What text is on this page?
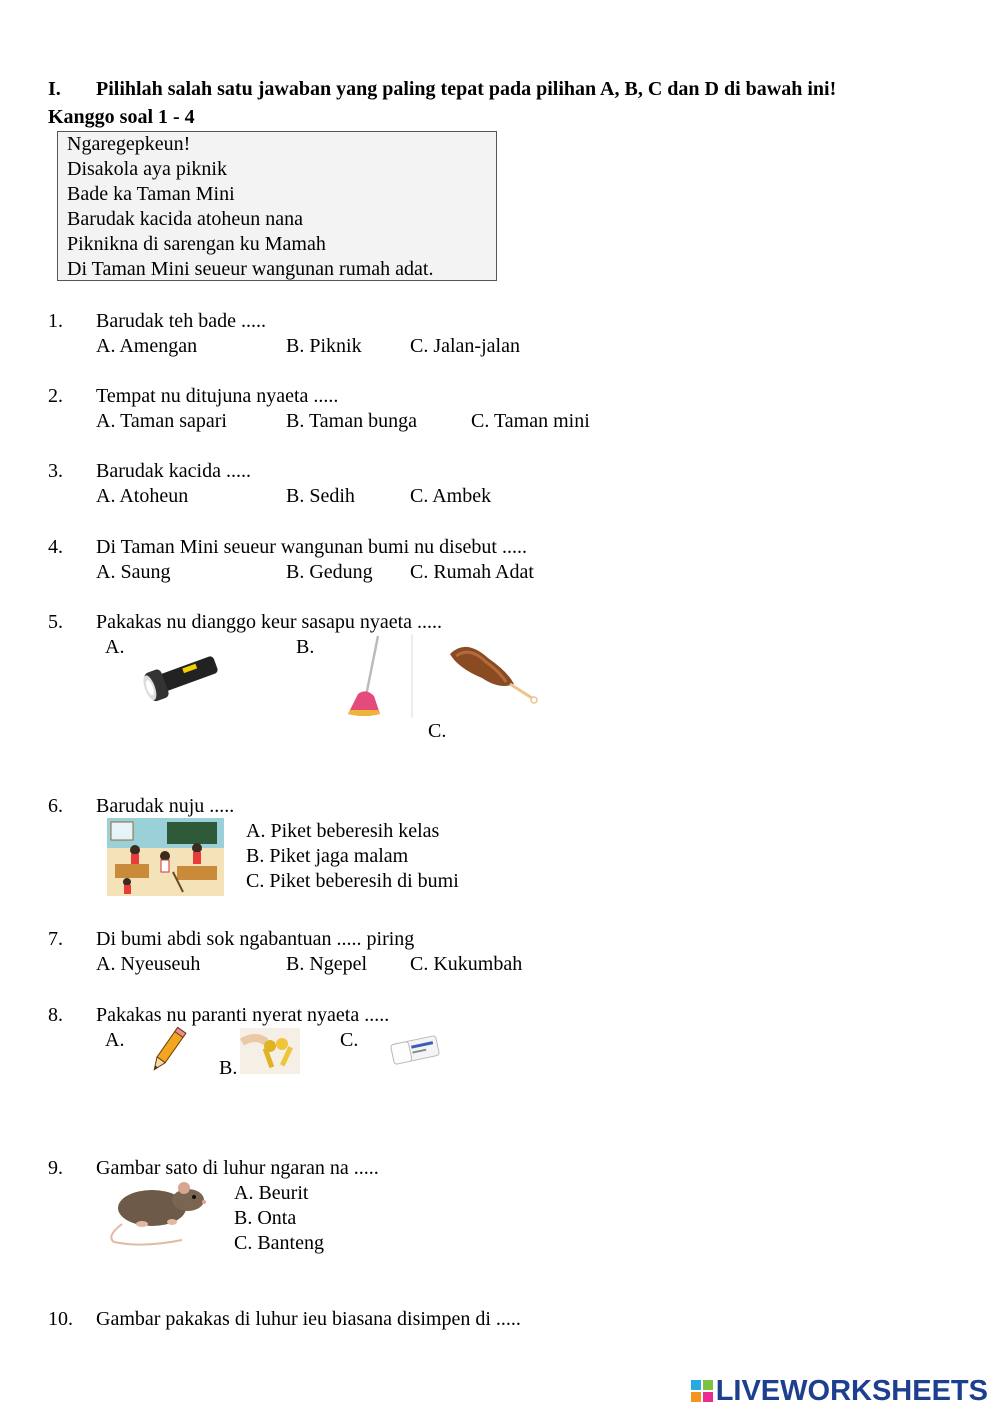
I. Pilihlah salah satu jawaban yang paling tepat pada pilihan A, B, C dan D di bawah ini!
Kanggo soal 1 - 4
Ngaregepkeun!
Disakola aya piknik
Bade ka Taman Mini
Barudak kacida atoheun nana
Piknikna di sarengan ku Mamah
Di Taman Mini seueur wangunan rumah adat.
1. Barudak teh bade .....
A. Amengan	B. Piknik C. Jalan-jalan
2. Tempat nu ditujuna nyaeta .....
A. Taman sapari	B. Taman bunga	C. Taman mini
3. Barudak kacida .....
A. Atoheun	B. Sedih	C. Ambek
4. Di Taman Mini seueur wangunan bumi nu disebut .....
A. Saung	B. Gedung C. Rumah Adat
5. Pakakas nu dianggo keur sasapu nyaeta .....
A.	B.
C.
6. Barudak nuju .....
A. Piket beberesih kelas
B. Piket jaga malam
C. Piket beberesih di bumi
7. Di bumi abdi sok ngabantuan ..... piring
A. Nyeuseuh	B. Ngepel C. Kukumbah
8. Pakakas nu paranti nyerat nyaeta .....
A.
B.
C.
9. Gambar sato di luhur ngaran na .....
A. Beurit
B. Onta
C. Banteng
10. Gambar pakakas di luhur ieu biasana disimpen di .....
LIVEWORKSHEETS
